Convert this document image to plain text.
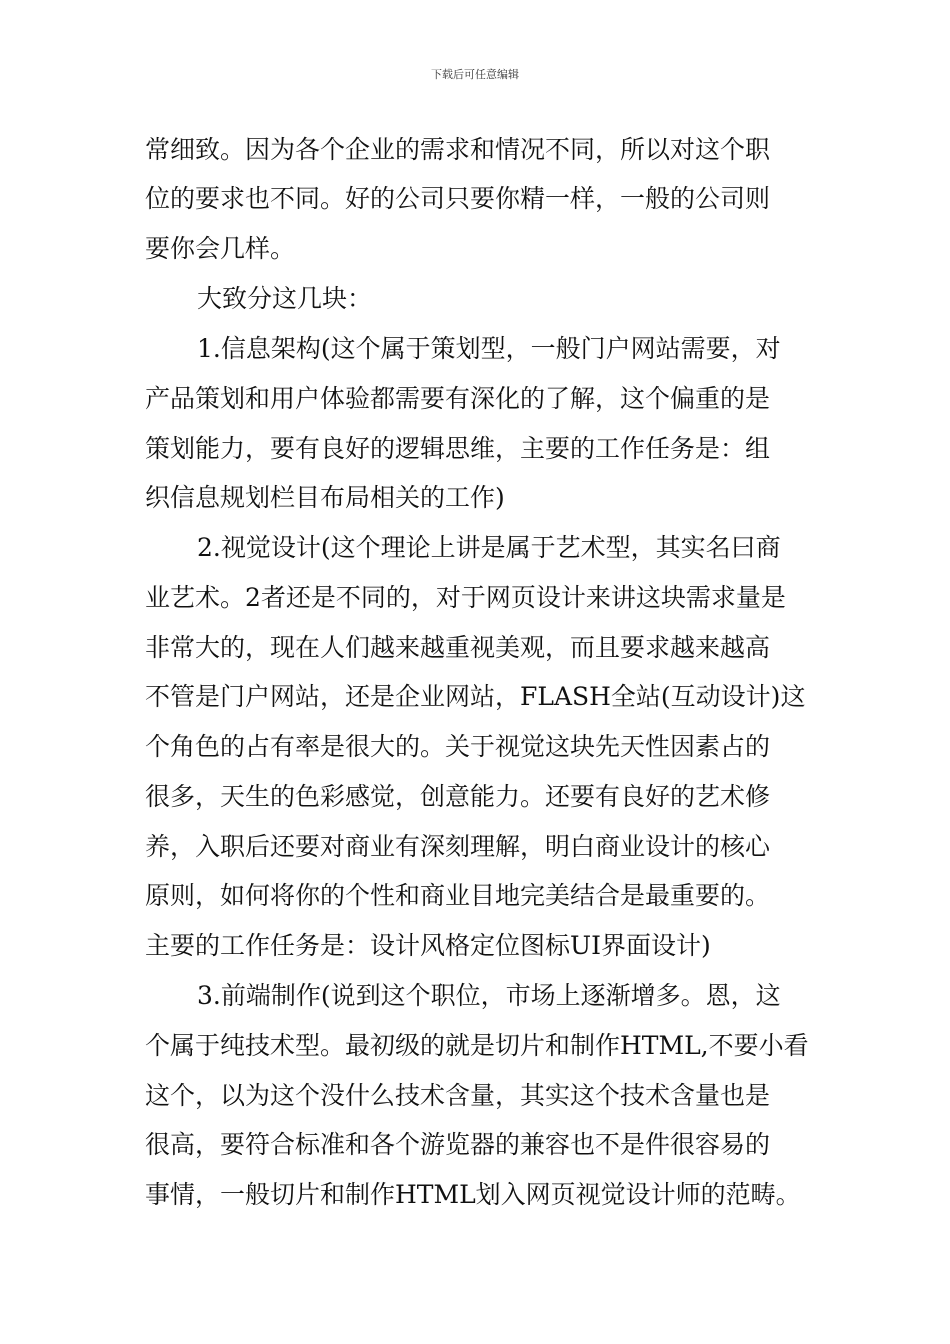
下载后可任意编辑
常细致。因为各个企业的需求和情况不同，所以对这个职
位的要求也不同。好的公司只要你精一样，一般的公司则
要你会几样。
大致分这几块：
1.信息架构(这个属于策划型，一般门户网站需要，对
产品策划和用户体验都需要有深化的了解，这个偏重的是
策划能力，要有良好的逻辑思维，主要的工作任务是：组
织信息规划栏目布局相关的工作)
2.视觉设计(这个理论上讲是属于艺术型，其实名曰商
业艺术。2者还是不同的，对于网页设计来讲这块需求量是
非常大的，现在人们越来越重视美观，而且要求越来越高
不管是门户网站，还是企业网站，FLASH全站(互动设计)这
个角色的占有率是很大的。关于视觉这块先天性因素占的
很多，天生的色彩感觉，创意能力。还要有良好的艺术修
养，入职后还要对商业有深刻理解，明白商业设计的核心
原则，如何将你的个性和商业目地完美结合是最重要的。
主要的工作任务是：设计风格定位图标UI界面设计)
3.前端制作(说到这个职位，市场上逐渐增多。恩，这
个属于纯技术型。最初级的就是切片和制作HTML,不要小看
这个，以为这个没什么技术含量，其实这个技术含量也是
很高，要符合标准和各个游览器的兼容也不是件很容易的
事情，一般切片和制作HTML划入网页视觉设计师的范畴。
